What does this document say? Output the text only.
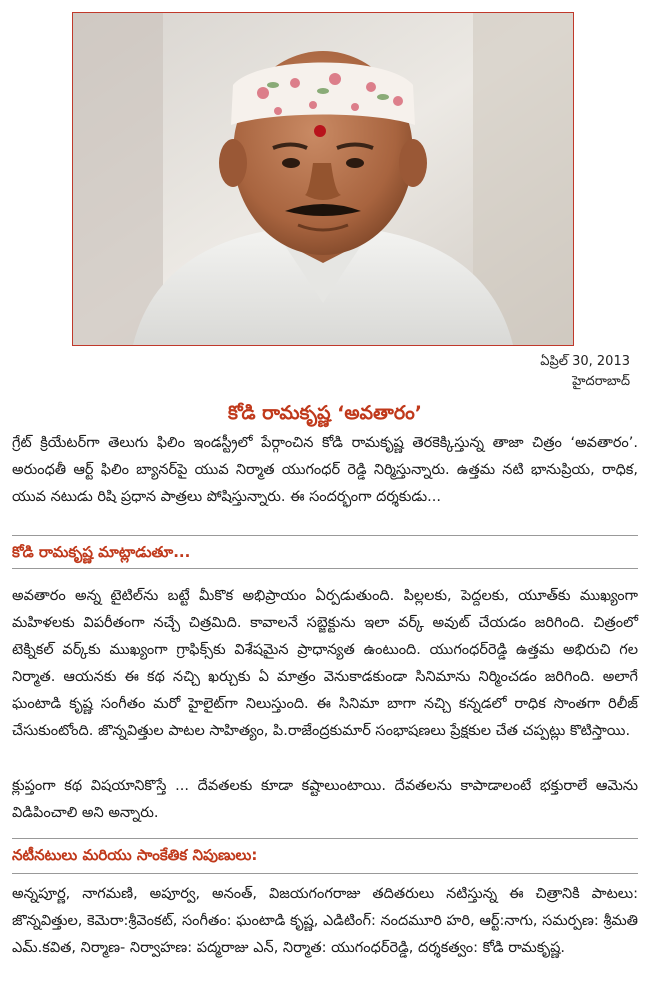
ఏప్రిల్ 30, 2013
హైదరాబాద్
కోడి రామకృష్ణ ‘అవతారం’
గ్రేట్ క్రియేటర్‌గా తెలుగు ఫిలిం ఇండస్ట్రీలో పేర్గాంచిన కోడి రామకృష్ణ తెరకెక్కిస్తున్న తాజా చిత్రం ‘అవతారం’. అరుంధతీ ఆర్ట్ ఫిలిం బ్యానర్‌పై యువ నిర్మాత యుగంధర్ రెడ్డి నిర్మిస్తున్నారు. ఉత్తమ నటి భానుప్రియ, రాధిక, యువ నటుడు రిషి ప్రధాన పాత్రలు పోషిస్తున్నారు. ఈ సందర్భంగా దర్శకుడు...
కోడి రామకృష్ణ మాట్లాడుతూ...
అవతారం అన్న టైటిల్‌ను బట్టే మీకొక అభిప్రాయం ఏర్పడుతుంది. పిల్లలకు, పెద్దలకు, యూత్‌కు ముఖ్యంగా మహిళలకు విపరీతంగా నచ్చే చిత్రమిది. కావాలనే సబ్జెక్టును ఇలా వర్క్ అవుట్ చేయడం జరిగింది. చిత్రంలో టెక్నికల్ వర్క్‌కు ముఖ్యంగా గ్రాఫిక్స్‌కు విశేషమైన ప్రాధాన్యత ఉంటుంది. యుగంధర్‌రెడ్డి ఉత్తమ అభిరుచి గల నిర్మాత. ఆయనకు ఈ కథ నచ్చి ఖర్చుకు ఏ మాత్రం వెనుకాడకుండా సినిమాను నిర్మించడం జరిగింది. అలాగే ఘంటాడి కృష్ణ సంగీతం మరో హైలైట్‌గా నిలుస్తుంది. ఈ సినిమా బాగా నచ్చి కన్నడలో రాధిక సొంతగా రిలీజ్ చేసుకుంటోంది. జొన్నవిత్తుల పాటల సాహిత్యం, పి.రాజేంద్రకుమార్ సంభాషణలు ప్రేక్షకుల చేత చప్పట్లు కొటిస్తాయి.
క్లుప్తంగా కథ విషయానికొస్తే ... దేవతలకు కూడా కష్టాలుంటాయి. దేవతలను కాపాడాలంటే భక్తురాలే ఆమెను విడిపించాలి అని అన్నారు.
నటీనటులు మరియు సాంకేతిక నిపుణులు:
అన్నపూర్ణ, నాగమణి, అపూర్వ, అనంత్, విజయగంగరాజు తదితరులు నటిస్తున్న ఈ చిత్రానికి పాటలు: జొన్నవిత్తుల, కెమెరా:శ్రీవెంకట్, సంగీతం: ఘంటాడి కృష్ణ, ఎడిటింగ్: నందమూరి హరి, ఆర్ట్:నాగు, సమర్పణ: శ్రీమతి ఎమ్.కవిత, నిర్మాణ- నిర్వాహణ: పద్మరాజు ఎన్, నిర్మాత: యుగంధర్‌రెడ్డి, దర్శకత్వం: కోడి రామకృష్ణ.
